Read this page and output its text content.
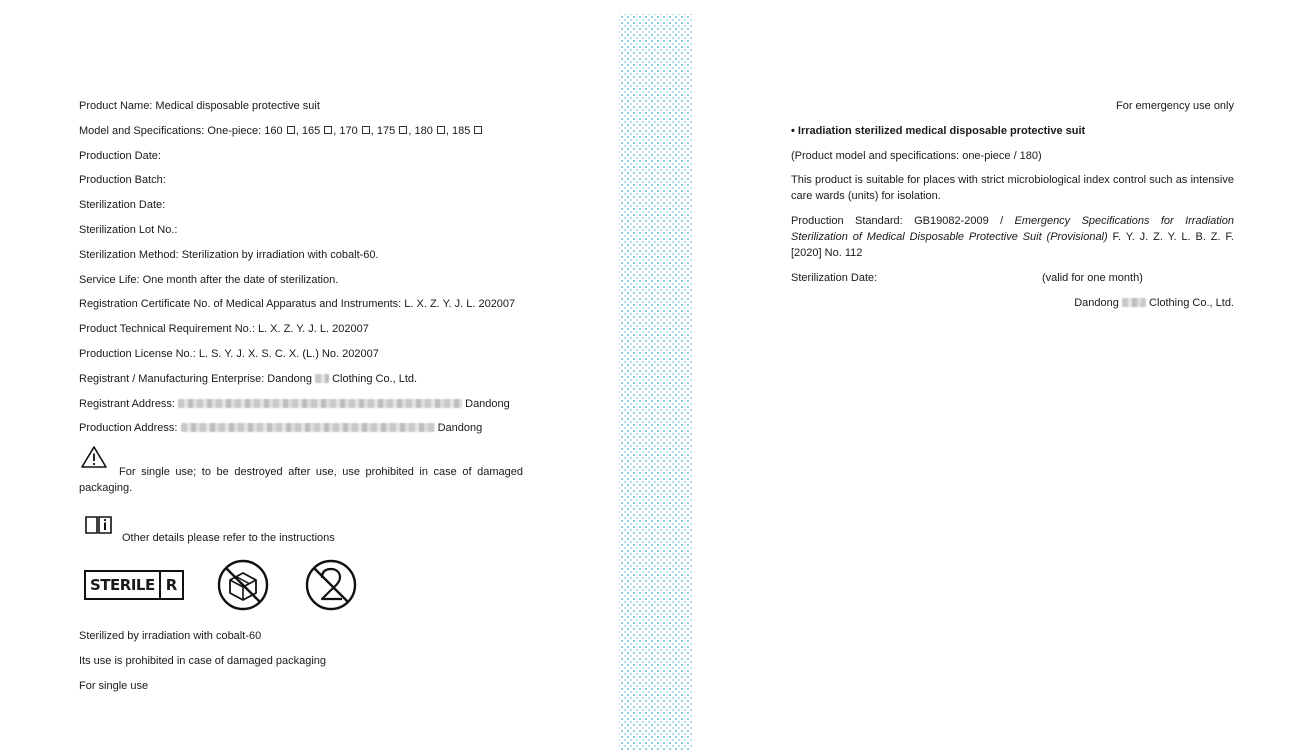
Product Name: Medical disposable protective suit
Model and Specifications: One-piece: 160 , 165 , 170 , 175 , 180 , 185
Production Date:
Production Batch:
Sterilization Date:
Sterilization Lot No.:
Sterilization Method: Sterilization by irradiation with cobalt-60.
Service Life: One month after the date of sterilization.
Registration Certificate No. of Medical Apparatus and Instruments: L. X. Z. Y. J. L. 202007
Product Technical Requirement No.: L. X. Z. Y. J. L. 202007
Production License No.: L. S. Y. J. X. S. C. X. (L.) No. 202007
Registrant / Manufacturing Enterprise: Dandong Clothing Co., Ltd.
Registrant Address:	Dandong
Production Address:	Dandong
For single use; to be destroyed after use, use prohibited in case of damaged packaging.
Other details please refer to the instructions
STERILE R
Sterilized by irradiation with cobalt-60
Its use is prohibited in case of damaged packaging
For single use
For emergency use only
• Irradiation sterilized medical disposable protective suit
(Product model and specifications: one-piece / 180)
This product is suitable for places with strict microbiological index control such as intensive care wards (units) for isolation.
Production Standard: GB19082-2009 / Emergency Specifications for Irradiation Sterilization of Medical Disposable Protective Suit (Provisional) F. Y. J. Z. Y. L. B. Z. F. [2020] No. 112
Sterilization Date:	(valid for one month)
Dandong	Clothing Co., Ltd.
